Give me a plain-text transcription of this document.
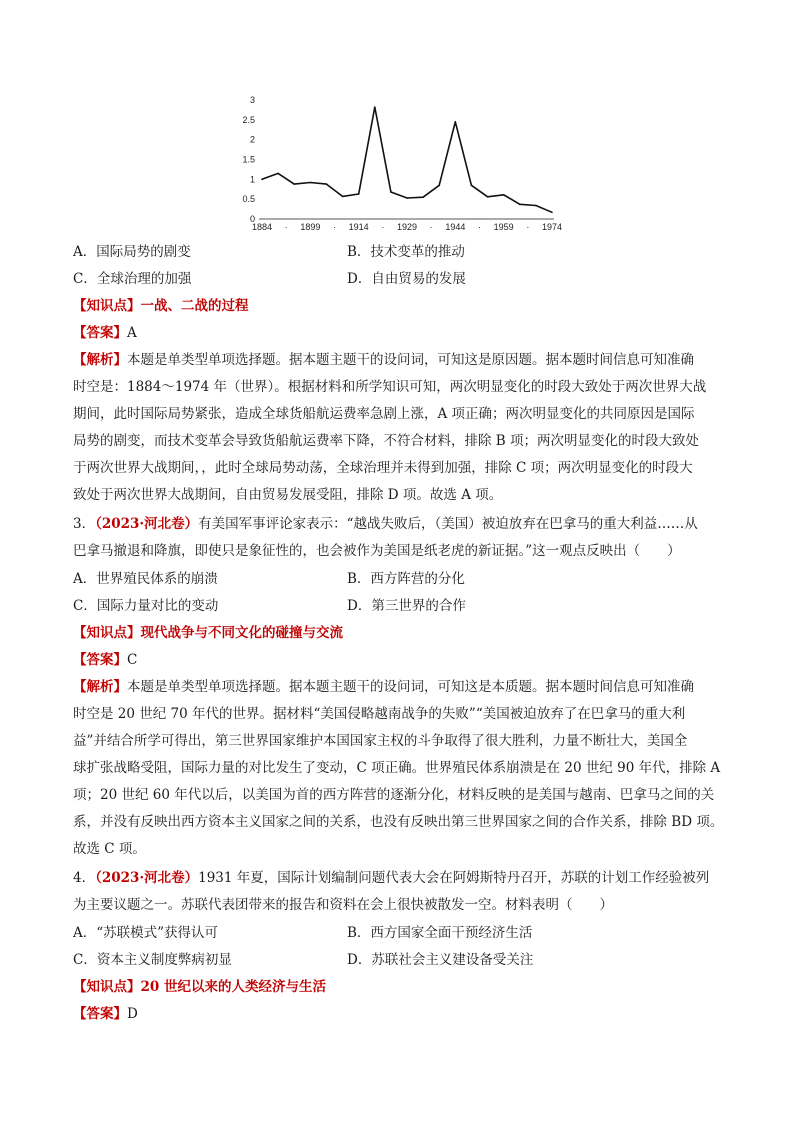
0
0.5
1
1.5
2
2.5
3
1884 · 1899 · 1914 · 1929 · 1944 · 1959 · 1974
A．国际局势的剧变	B．技术变革的推动
C．全球治理的加强	D．自由贸易的发展
【知识点】一战、二战的过程
【答案】A
【解析】本题是单类型单项选择题。据本题主题干的设问词，可知这是原因题。据本题时间信息可知准确
时空是：1884～1974 年（世界）。根据材料和所学知识可知，两次明显变化的时段大致处于两次世界大战
期间，此时国际局势紧张，造成全球货船航运费率急剧上涨，A 项正确；两次明显变化的共同原因是国际
局势的剧变，而技术变革会导致货船航运费率下降，不符合材料，排除 B 项；两次明显变化的时段大致处
于两次世界大战期间，，此时全球局势动荡，全球治理并未得到加强，排除 C 项；两次明显变化的时段大
致处于两次世界大战期间，自由贸易发展受阻，排除 D 项。故选 A 项。
3．（2023·河北卷）有美国军事评论家表示：“越战失败后，（美国）被迫放弃在巴拿马的重大利益……从
巴拿马撤退和降旗，即使只是象征性的，也会被作为美国是纸老虎的新证据。”这一观点反映出（　　）
A．世界殖民体系的崩溃	B．西方阵营的分化
C．国际力量对比的变动	D．第三世界的合作
【知识点】现代战争与不同文化的碰撞与交流
【答案】C
【解析】本题是单类型单项选择题。据本题主题干的设问词，可知这是本质题。据本题时间信息可知准确
时空是 20 世纪 70 年代的世界。据材料“美国侵略越南战争的失败”“美国被迫放弃了在巴拿马的重大利
益”并结合所学可得出，第三世界国家维护本国国家主权的斗争取得了很大胜利，力量不断壮大，美国全
球扩张战略受阻，国际力量的对比发生了变动，C 项正确。世界殖民体系崩溃是在 20 世纪 90 年代，排除 A
项；20 世纪 60 年代以后，以美国为首的西方阵营的逐渐分化，材料反映的是美国与越南、巴拿马之间的关
系，并没有反映出西方资本主义国家之间的关系，也没有反映出第三世界国家之间的合作关系，排除 BD 项。
故选 C 项。
4．（2023·河北卷）1931 年夏，国际计划编制问题代表大会在阿姆斯特丹召开，苏联的计划工作经验被列
为主要议题之一。苏联代表团带来的报告和资料在会上很快被散发一空。材料表明（　　）
A．“苏联模式”获得认可	B．西方国家全面干预经济生活
C．资本主义制度弊病初显	D．苏联社会主义建设备受关注
【知识点】20 世纪以来的人类经济与生活
【答案】D
